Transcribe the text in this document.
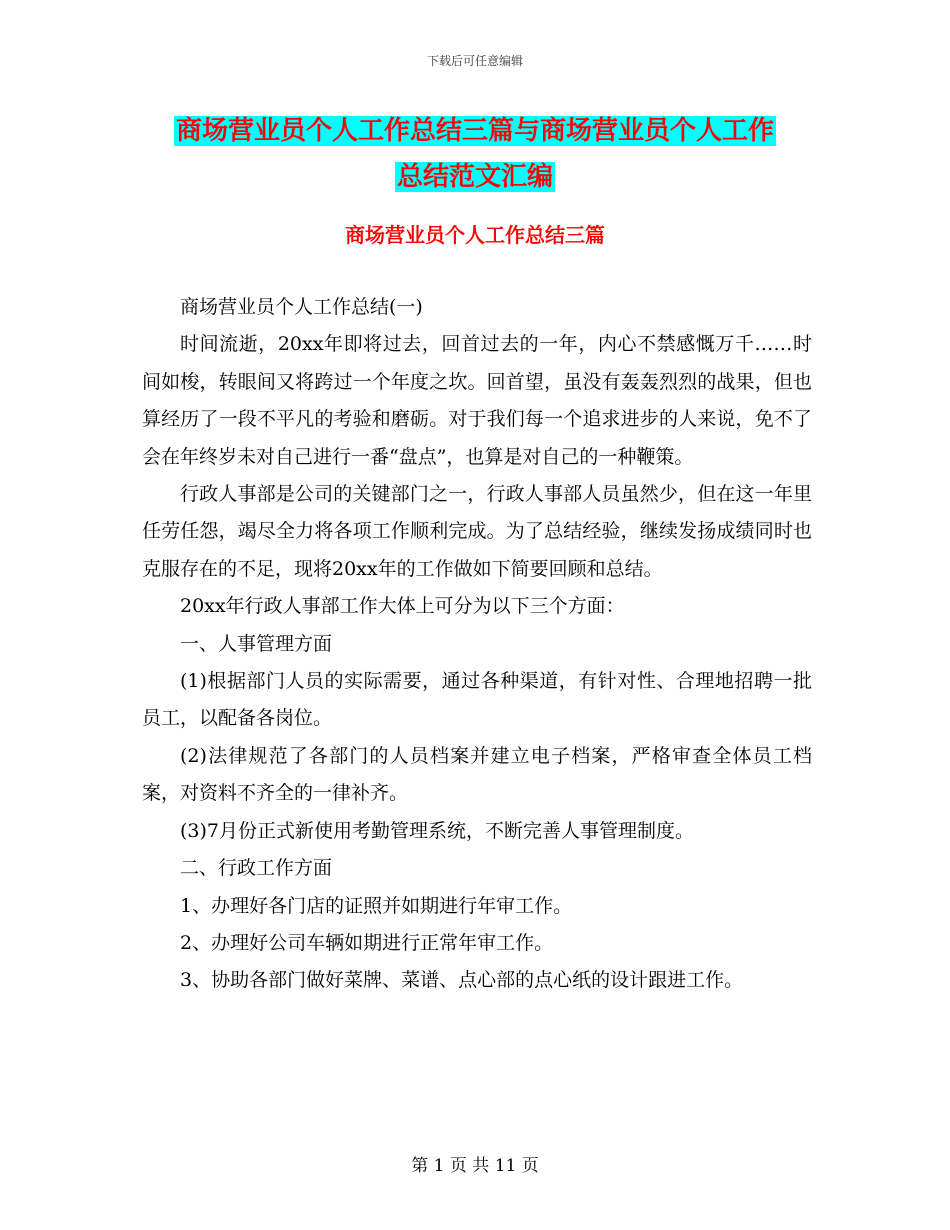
下载后可任意编辑
商场营业员个人工作总结三篇与商场营业员个人工作
总结范文汇编
商场营业员个人工作总结三篇

商场营业员个人工作总结(一)

时间流逝，20xx年即将过去，回首过去的一年，内心不禁感慨万千……时间如梭，转眼间又将跨过一个年度之坎。回首望，虽没有轰轰烈烈的战果，但也算经历了一段不平凡的考验和磨砺。对于我们每一个追求进步的人来说，免不了会在年终岁未对自己进行一番“盘点”，也算是对自己的一种鞭策。

行政人事部是公司的关键部门之一，行政人事部人员虽然少，但在这一年里任劳任怨，竭尽全力将各项工作顺利完成。为了总结经验，继续发扬成绩同时也克服存在的不足，现将20xx年的工作做如下简要回顾和总结。

20xx年行政人事部工作大体上可分为以下三个方面：

一、人事管理方面

(1)根据部门人员的实际需要，通过各种渠道，有针对性、合理地招聘一批员工，以配备各岗位。

(2)法律规范了各部门的人员档案并建立电子档案，严格审查全体员工档案，对资料不齐全的一律补齐。

(3)7月份正式新使用考勤管理系统，不断完善人事管理制度。

二、行政工作方面

1、办理好各门店的证照并如期进行年审工作。

2、办理好公司车辆如期进行正常年审工作。

3、协助各部门做好菜牌、菜谱、点心部的点心纸的设计跟进工作。

第 1 页 共 11 页
